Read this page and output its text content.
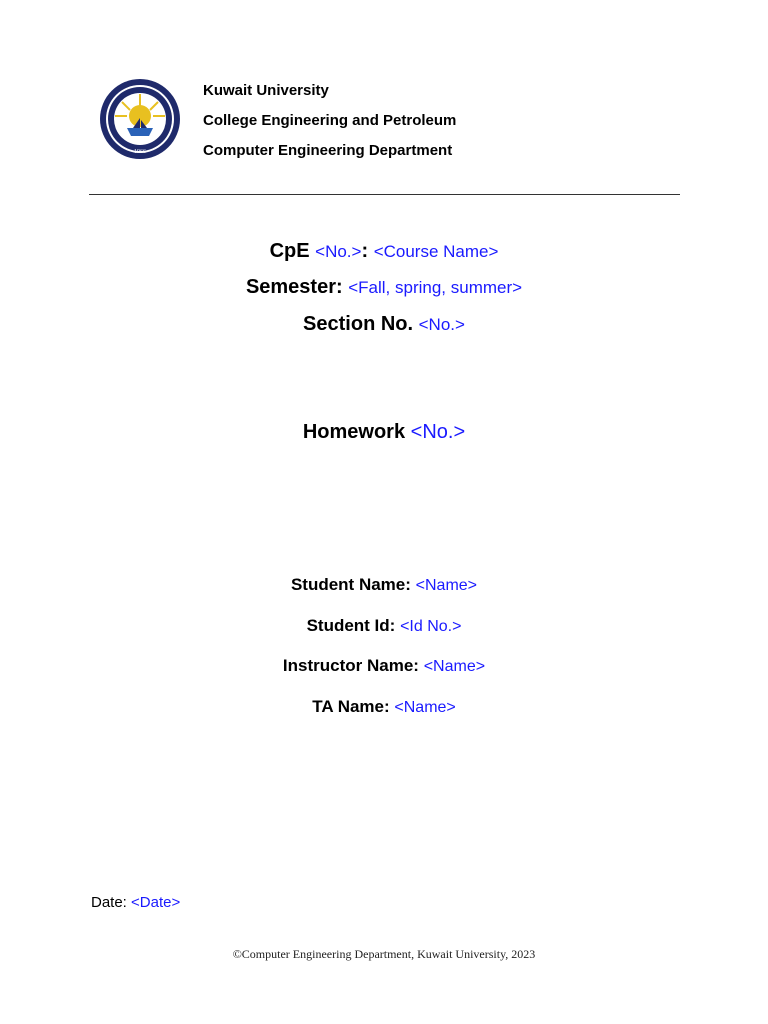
1966
Kuwait University
College Engineering and Petroleum
Computer Engineering Department
CpE <No.>: <Course Name>
Semester: <Fall, spring, summer>
Section No. <No.>
Homework <No.>
Student Name: <Name>
Student Id: <Id No.>
Instructor Name: <Name>
TA Name: <Name>
Date: <Date>
©Computer Engineering Department, Kuwait University, 2023
